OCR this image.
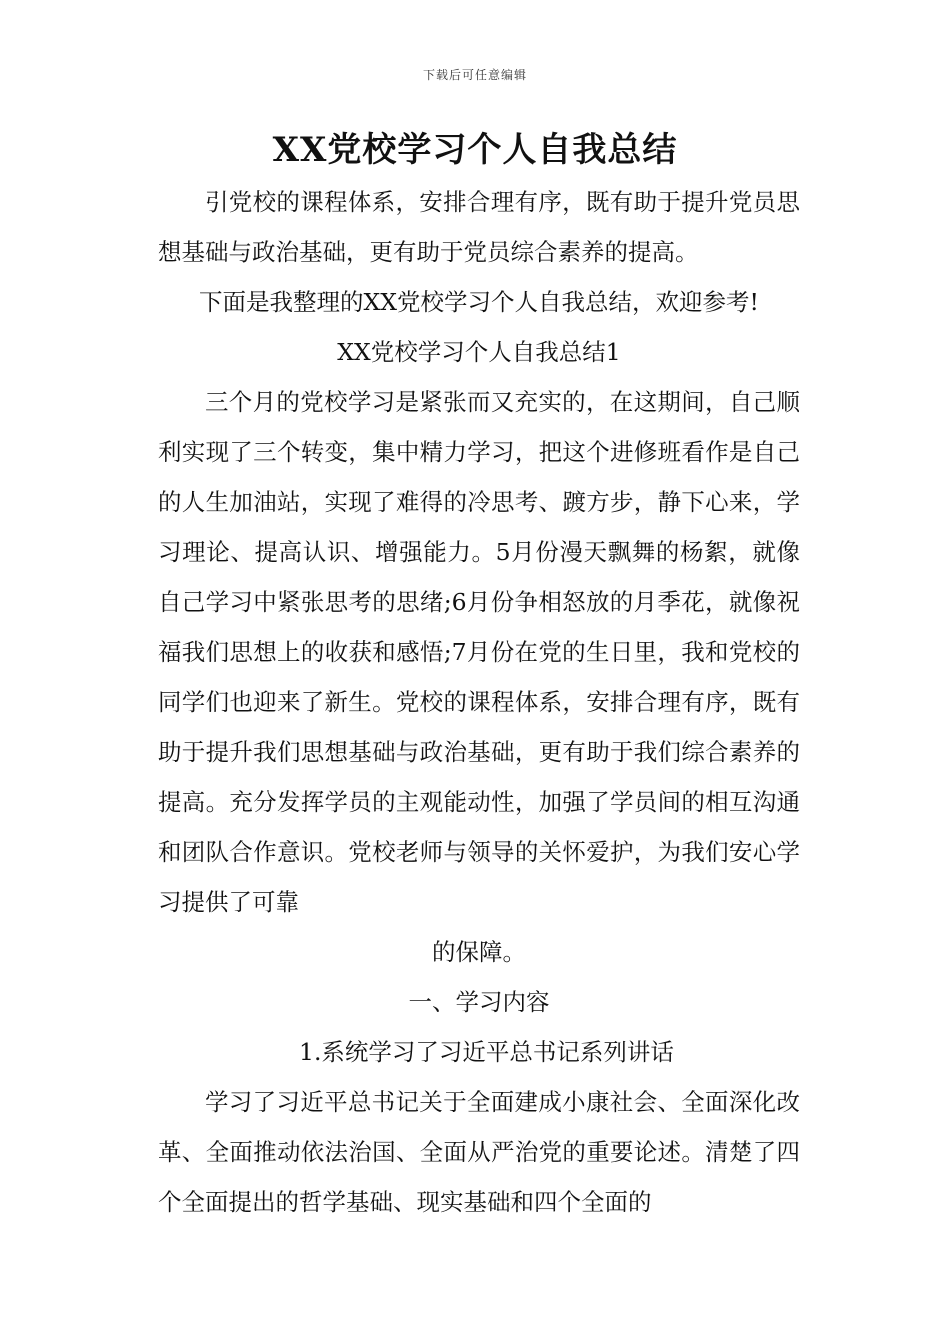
下载后可任意编辑
XX党校学习个人自我总结

引党校的课程体系，安排合理有序，既有助于提升党员思想基础与政治基础，更有助于党员综合素养的提高。

下面是我整理的XX党校学习个人自我总结，欢迎参考!

XX党校学习个人自我总结1

三个月的党校学习是紧张而又充实的，在这期间，自己顺利实现了三个转变，集中精力学习，把这个进修班看作是自己的人生加油站，实现了难得的冷思考、踱方步，静下心来，学习理论、提高认识、增强能力。5月份漫天飘舞的杨絮，就像自己学习中紧张思考的思绪;6月份争相怒放的月季花，就像祝福我们思想上的收获和感悟;7月份在党的生日里，我和党校的同学们也迎来了新生。党校的课程体系，安排合理有序，既有助于提升我们思想基础与政治基础，更有助于我们综合素养的提高。充分发挥学员的主观能动性，加强了学员间的相互沟通和团队合作意识。党校老师与领导的关怀爱护，为我们安心学习提供了可靠

的保障。

一、学习内容

1.系统学习了习近平总书记系列讲话

学习了习近平总书记关于全面建成小康社会、全面深化改革、全面推动依法治国、全面从严治党的重要论述。清楚了四个全面提出的哲学基础、现实基础和四个全面的
